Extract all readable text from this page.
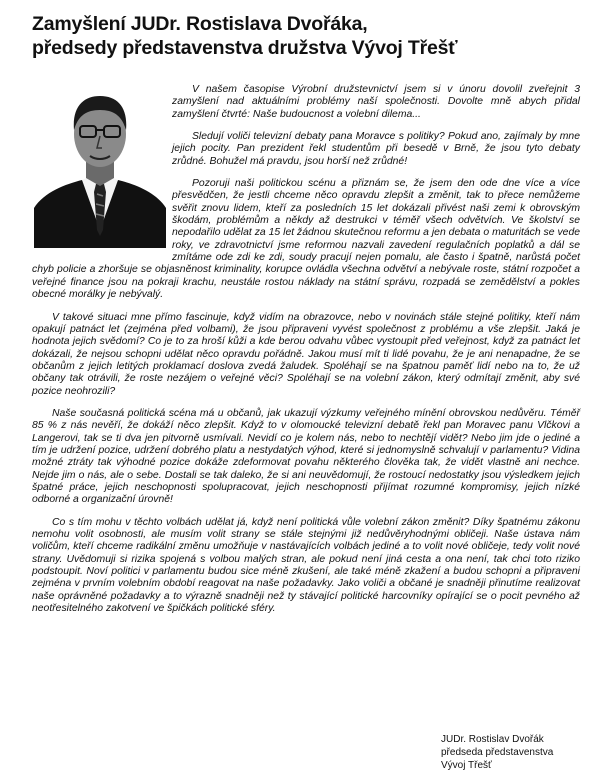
Zamyšlení JUDr. Rostislava Dvořáka,
předsedy představenstva družstva Vývoj Třešť

V našem časopise Výrobní družstevnictví jsem si v únoru dovolil zveřejnit 3 zamyšlení nad aktuálními problémy naší společnosti. Dovolte mně abych přidal zamyšlení čtvrté: Naše budoucnost a volební dilema...

Sledují voliči televizní debaty pana Moravce s politiky? Pokud ano, zajímaly by mne jejich pocity. Pan prezident řekl studentům při besedě v Brně, že jsou tyto debaty zrůdné. Bohužel má pravdu, jsou horší než zrůdné!

Pozoruji naši politickou scénu a přiznám se, že jsem den ode dne více a více přesvědčen, že jestli chceme něco opravdu zlepšit a změnit, tak to přece nemůžeme svěřit znovu lidem, kteří za posledních 15 let dokázali přivést naši zemi k obrovským škodám, problémům a někdy až destrukci v téměř všech odvětvích. Ve školství se nepodařilo udělat za 15 let žádnou skutečnou reformu a jen debata o maturitách se vede roky, ve zdravotnictví jsme reformou nazvali zavedení regulačních poplatků a dál se zmítáme ode zdi ke zdi, soudy pracují nejen pomalu, ale často i špatně, narůstá počet chyb policie a zhoršuje se objasněnost kriminality, korupce ovládla všechna odvětví a nebývale roste, státní rozpočet a veřejné finance jsou na pokraji krachu, neustále rostou náklady na státní správu, rozpadá se zemědělství a pokles obecné morálky je nebývalý.

V takové situaci mne přímo fascinuje, když vidím na obrazovce, nebo v novinách stále stejné politiky, kteří nám opakují patnáct let (zejména před volbami), že jsou připraveni vyvést společnost z problému a vše zlepšit. Jaká je hodnota jejich svědomí? Co je to za hroší kůži a kde berou odvahu vůbec vystoupit před veřejnost, když za patnáct let dokázali, že nejsou schopni udělat něco opravdu pořádně. Jakou musí mít ti lidé povahu, že je ani nenapadne, že se občanům z jejich letitých proklamací doslova zvedá žaludek. Spoléhají se na špatnou paměť lidí nebo na to, že už občany tak otrávili, že roste nezájem o veřejné věci? Spoléhají se na volební zákon, který odmítají změnit, aby své pozice neohrozili?

Naše současná politická scéna má u občanů, jak ukazují výzkumy veřejného mínění obrovskou nedůvěru. Téměř 85 % z nás nevěří, že dokáží něco zlepšit. Když to v olomoucké televizní debatě řekl pan Moravec panu Vlčkovi a Langerovi, tak se ti dva jen pitvorně usmívali. Nevidí co je kolem nás, nebo to nechtějí vidět? Nebo jim jde o jediné a tím je udržení pozice, udržení dobrého platu a nestydatých výhod, které si jednomyslně schvalují v parlamentu? Vidina možné ztráty tak výhodné pozice dokáže zdeformovat povahu některého člověka tak, že vidět vlastně ani nechce. Nejde jim o nás, ale o sebe. Dostali se tak daleko, že si ani neuvědomují, že rostoucí nedostatky jsou výsledkem jejich špatné práce, jejich neschopnosti spolupracovat, jejich neschopnosti přijímat rozumné kompromisy, jejich nízké odborné a organizační úrovně!

Co s tím mohu v těchto volbách udělat já, když není politická vůle volební zákon změnit? Díky špatnému zákonu nemohu volit osobnosti, ale musím volit strany se stále stejnými již nedůvěryhodnými obličeji. Naše ústava nám voličům, kteří chceme radikální změnu umožňuje v nastávajících volbách jediné a to volit nové obličeje, tedy volit nové strany. Uvědomuji si rizika spojená s volbou malých stran, ale pokud není jiná cesta a ona není, tak chci toto riziko podstoupit. Noví politici v parlamentu budou sice méně zkušení, ale také méně zkažení a budou schopni a připraveni zejména v prvním volebním období reagovat na naše požadavky. Jako voliči a občané je snadněji přinutíme realizovat naše oprávněné požadavky a to výrazně snadněji než ty stávající politické harcovníky opírající se o pocit pevného až neotřesitelného zakotvení ve špičkách politické sféry.

JUDr. Rostislav Dvořák
předseda představenstva
Vývoj Třešť
